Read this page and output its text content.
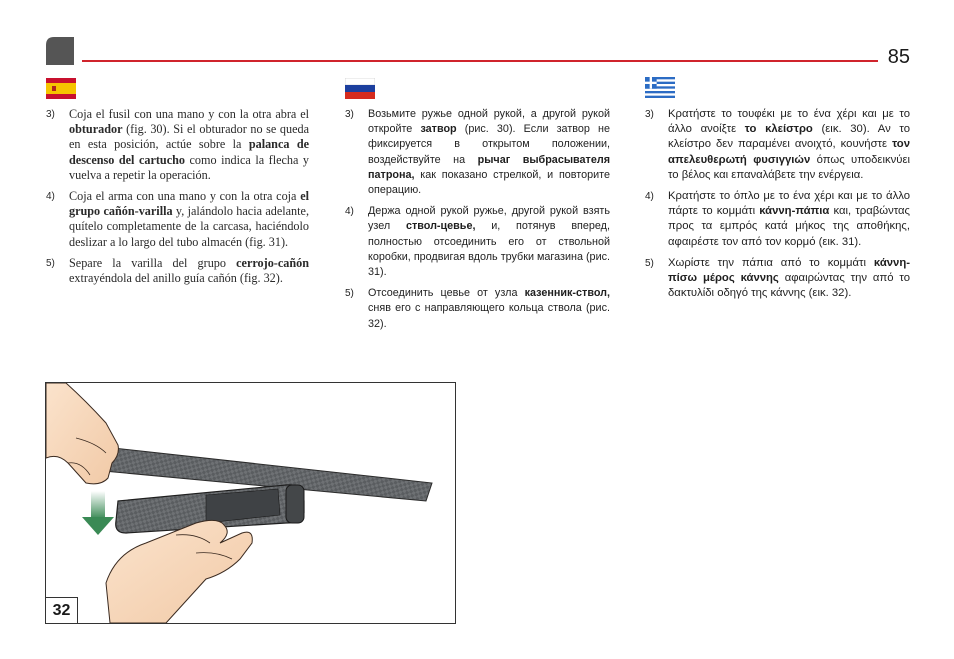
85
3) Coja el fusil con una mano y con la otra abra el obturador (fig. 30). Si el obturador no se queda en esta posición, actúe sobre la palanca de descenso del cartucho como indica la flecha y vuelva a repetir la operación.
4) Coja el arma con una mano y con la otra coja el grupo cañón-varilla y, jalándolo hacia adelante, quítelo completamente de la carcasa, haciéndolo deslizar a lo largo del tubo almacén (fig. 31).
5) Separe la varilla del grupo cerrojo-cañón extrayéndola del anillo guía cañón (fig. 32).
3) Возьмите ружье одной рукой, а другой рукой откройте затвор (рис. 30). Если затвор не фиксируется в открытом положении, воздействуйте на рычаг выбрасывателя патрона, как показано стрелкой, и повторите операцию.
4) Держа одной рукой ружье, другой рукой взять узел ствол-цевье, и, потянув вперед, полностью отсоединить его от ствольной коробки, продвигая вдоль трубки магазина (рис. 31).
5) Отсоединить цевье от узла казенник-ствол, сняв его с направляющего кольца ствола (рис. 32).
3) Κρατήστε το τουφέκι με το ένα χέρι και με το άλλο ανοίξτε το κλείστρο (εικ. 30). Αν το κλείστρο δεν παραμένει ανοιχτό, κουνήστε τον απελευθερωτή φυσιγγιών όπως υποδεικνύει το βέλος και επαναλάβετε την ενέργεια.
4) Κρατήστε το όπλο με το ένα χέρι και με το άλλο πάρτε το κομμάτι κάννη-πάπια και, τραβώντας προς τα εμπρός κατά μήκος της αποθήκης, αφαιρέστε τον από τον κορμό (εικ. 31).
5) Χωρίστε την πάπια από το κομμάτι κάννη-πίσω μέρος κάννης αφαιρώντας την από το δακτυλίδι οδηγό της κάννης (εικ. 32).
32
